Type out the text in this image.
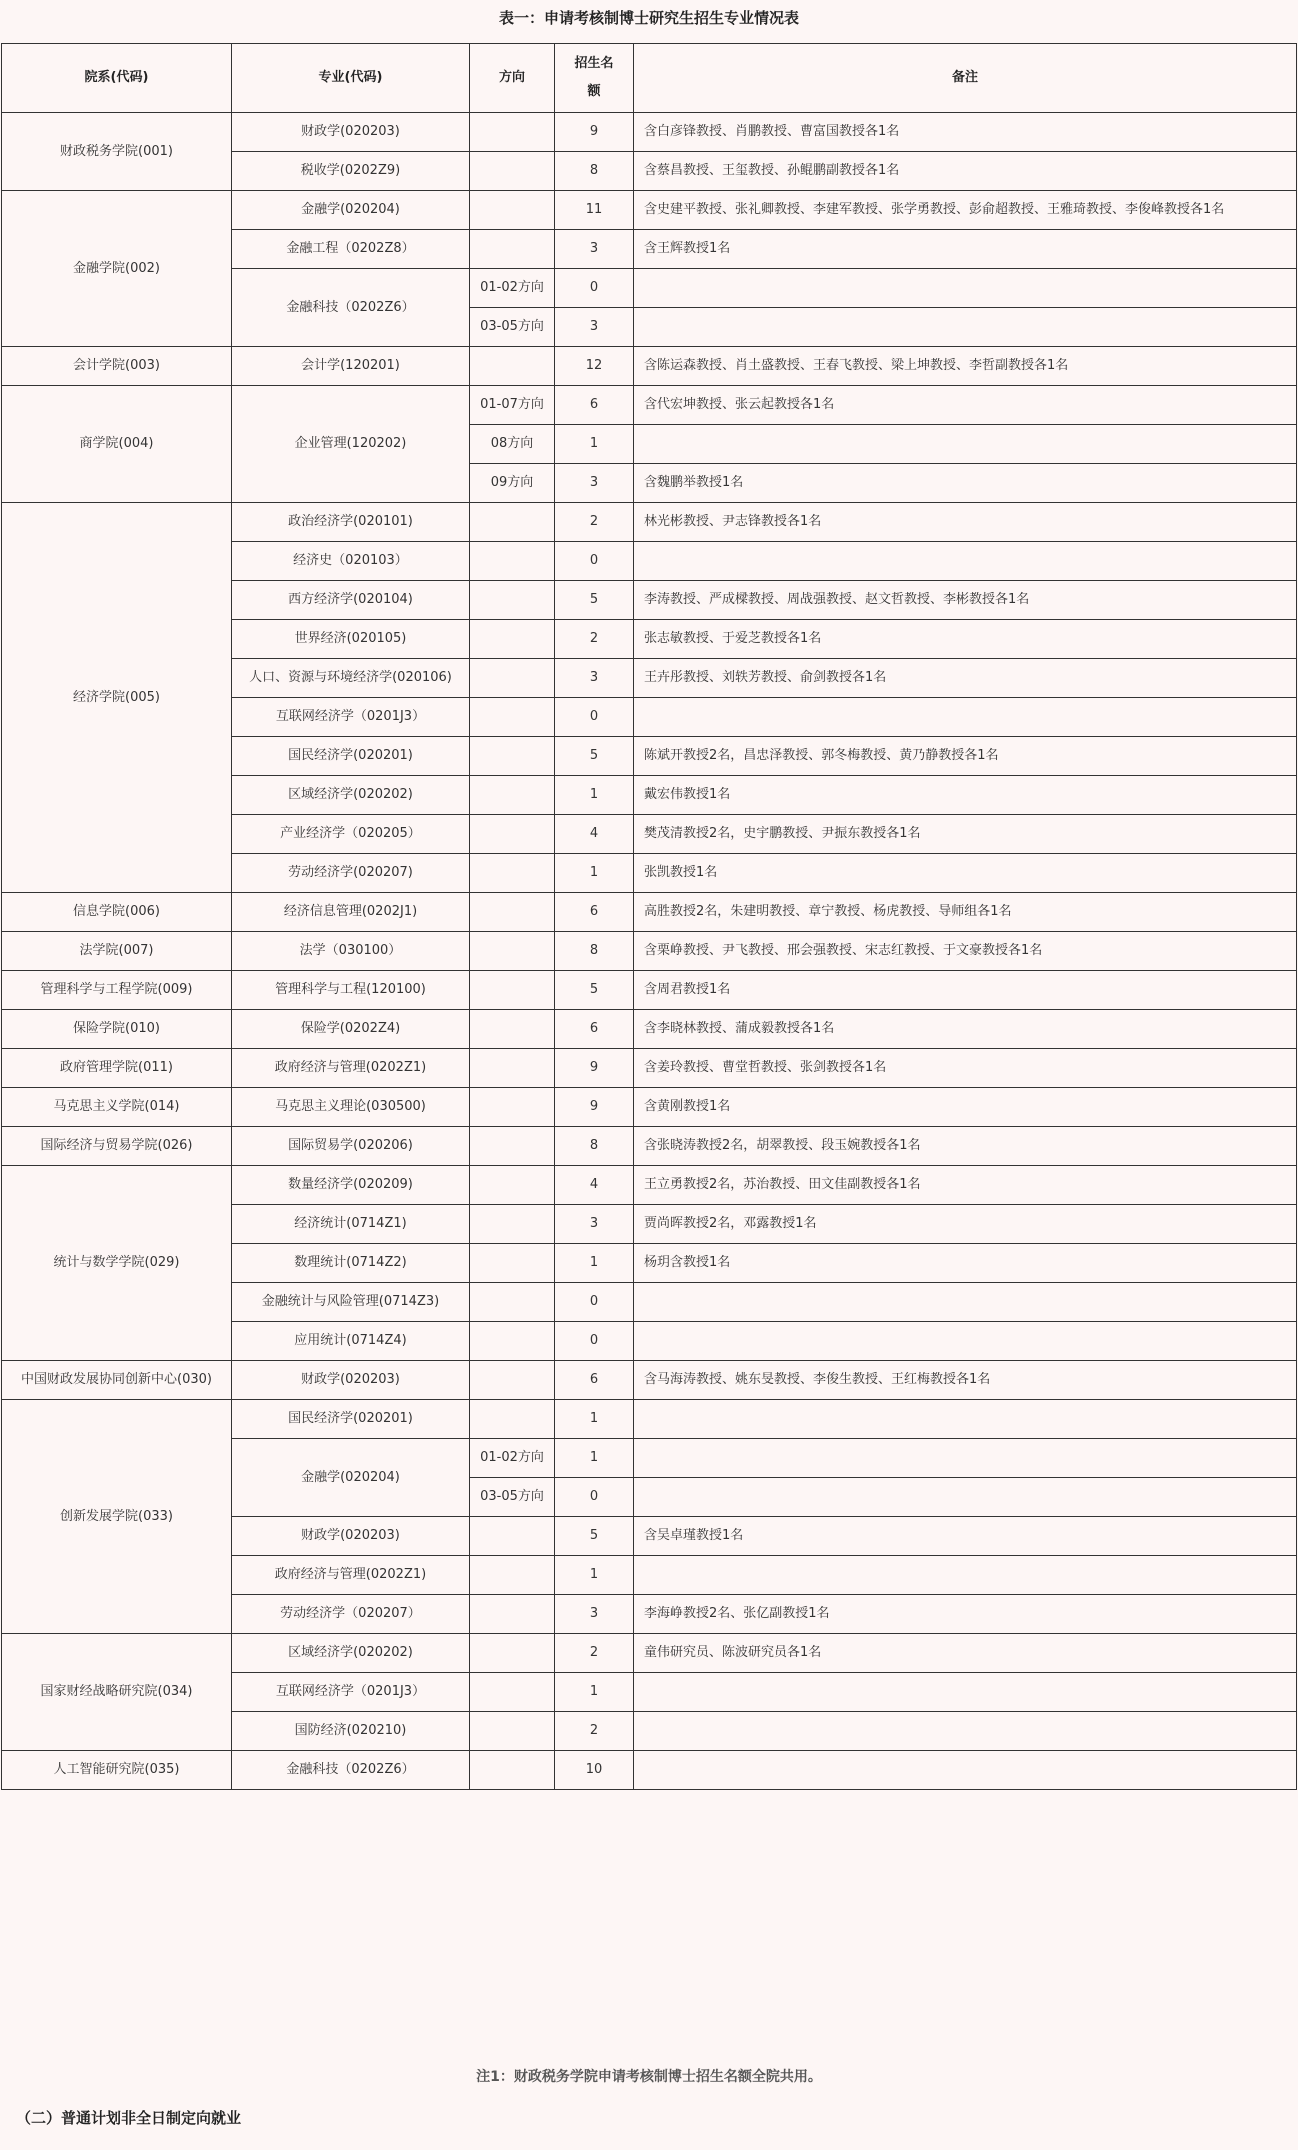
表一：申请考核制博士研究生招生专业情况表
院系(代码)	专业(代码)	方向	招生名额	备注
财政税务学院(001)	财政学(020203)		9	含白彦锋教授、肖鹏教授、曹富国教授各1名
	税收学(0202Z9)		8	含蔡昌教授、王玺教授、孙鲲鹏副教授各1名
金融学院(002)	金融学(020204)		11	含史建平教授、张礼卿教授、李建军教授、张学勇教授、彭俞超教授、王雅琦教授、李俊峰教授各1名
	金融工程（0202Z8）		3	含王辉教授1名
	金融科技（0202Z6）	01-02方向	0	
		03-05方向	3	
会计学院(003)	会计学(120201)		12	含陈运森教授、肖土盛教授、王春飞教授、梁上坤教授、李哲副教授各1名
商学院(004)	企业管理(120202)	01-07方向	6	含代宏坤教授、张云起教授各1名
		08方向	1	
		09方向	3	含魏鹏举教授1名
经济学院(005)	政治经济学(020101)		2	林光彬教授、尹志锋教授各1名
	经济史（020103）		0	
	西方经济学(020104)		5	李涛教授、严成樑教授、周战强教授、赵文哲教授、李彬教授各1名
	世界经济(020105)		2	张志敏教授、于爱芝教授各1名
	人口、资源与环境经济学(020106)		3	王卉彤教授、刘轶芳教授、俞剑教授各1名
	互联网经济学（0201J3）		0	
	国民经济学(020201)		5	陈斌开教授2名，昌忠泽教授、郭冬梅教授、黄乃静教授各1名
	区域经济学(020202)		1	戴宏伟教授1名
	产业经济学（020205）		4	樊茂清教授2名，史宇鹏教授、尹振东教授各1名
	劳动经济学(020207)		1	张凯教授1名
信息学院(006)	经济信息管理(0202J1)		6	高胜教授2名，朱建明教授、章宁教授、杨虎教授、导师组各1名
法学院(007)	法学（030100）		8	含栗峥教授、尹飞教授、邢会强教授、宋志红教授、于文豪教授各1名
管理科学与工程学院(009)	管理科学与工程(120100)		5	含周君教授1名
保险学院(010)	保险学(0202Z4)		6	含李晓林教授、蒲成毅教授各1名
政府管理学院(011)	政府经济与管理(0202Z1)		9	含姜玲教授、曹堂哲教授、张剑教授各1名
马克思主义学院(014)	马克思主义理论(030500)		9	含黄刚教授1名
国际经济与贸易学院(026)	国际贸易学(020206)		8	含张晓涛教授2名，胡翠教授、段玉婉教授各1名
统计与数学学院(029)	数量经济学(020209)		4	王立勇教授2名，苏治教授、田文佳副教授各1名
	经济统计(0714Z1)		3	贾尚晖教授2名，邓露教授1名
	数理统计(0714Z2)		1	杨玥含教授1名
	金融统计与风险管理(0714Z3)		0	
	应用统计(0714Z4)		0	
中国财政发展协同创新中心(030)	财政学(020203)		6	含马海涛教授、姚东旻教授、李俊生教授、王红梅教授各1名
创新发展学院(033)	国民经济学(020201)		1	
	金融学(020204)	01-02方向	1	
		03-05方向	0	
	财政学(020203)		5	含吴卓瑾教授1名
	政府经济与管理(0202Z1)		1	
	劳动经济学（020207）		3	李海峥教授2名、张亿副教授1名
国家财经战略研究院(034)	区域经济学(020202)		2	童伟研究员、陈波研究员各1名
	互联网经济学（0201J3）		1	
	国防经济(020210)		2	
人工智能研究院(035)	金融科技（0202Z6）		10	
注1：财政税务学院申请考核制博士招生名额全院共用。
（二）普通计划非全日制定向就业
